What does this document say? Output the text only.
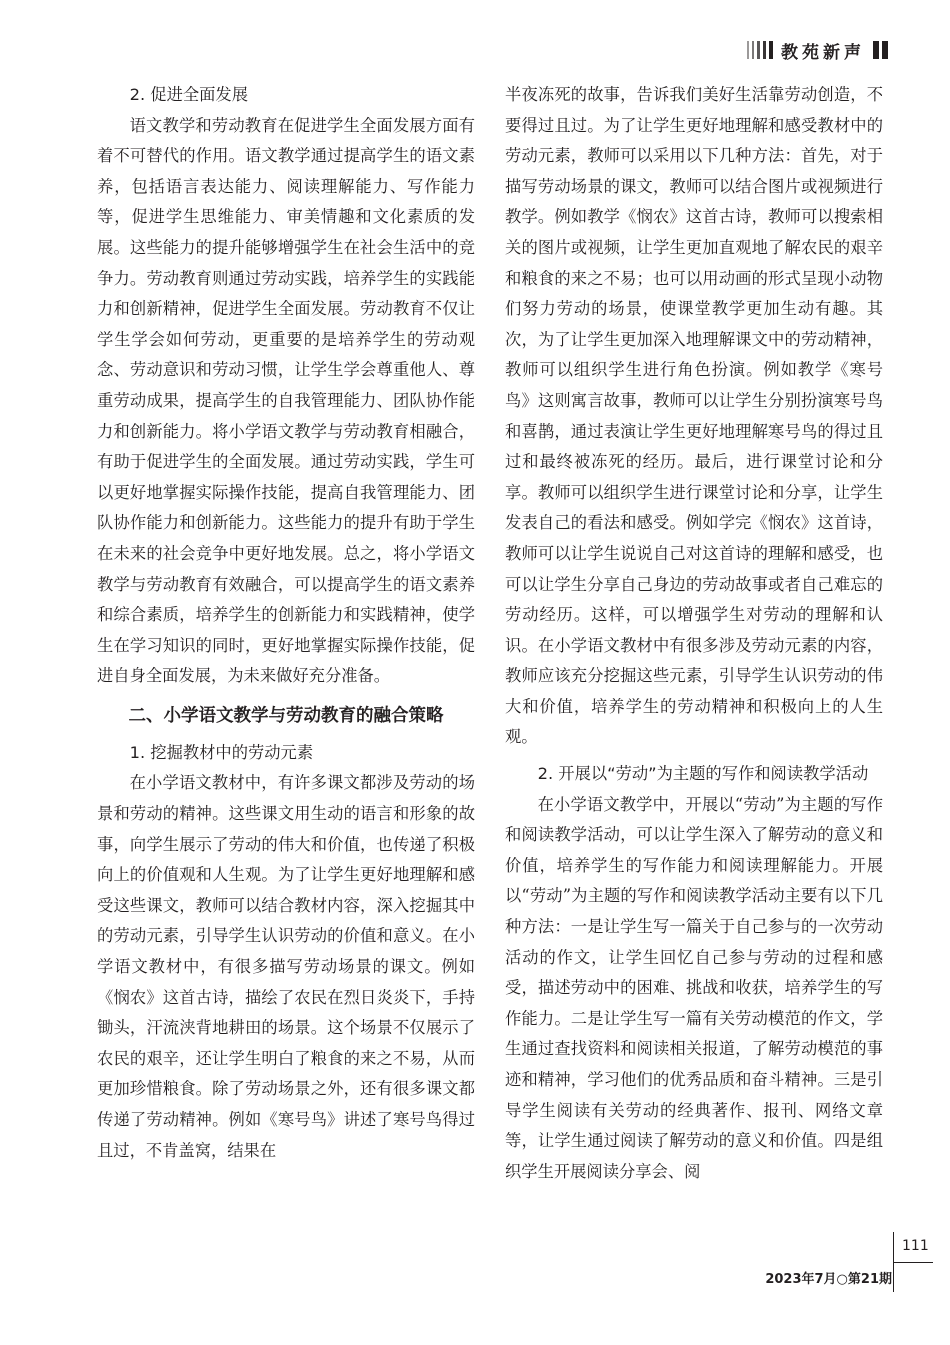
教苑新声
2. 促进全面发展

语文教学和劳动教育在促进学生全面发展方面有着不可替代的作用。语文教学通过提高学生的语文素养，包括语言表达能力、阅读理解能力、写作能力等，促进学生思维能力、审美情趣和文化素质的发展。这些能力的提升能够增强学生在社会生活中的竞争力。劳动教育则通过劳动实践，培养学生的实践能力和创新精神，促进学生全面发展。劳动教育不仅让学生学会如何劳动，更重要的是培养学生的劳动观念、劳动意识和劳动习惯，让学生学会尊重他人、尊重劳动成果，提高学生的自我管理能力、团队协作能力和创新能力。将小学语文教学与劳动教育相融合，有助于促进学生的全面发展。通过劳动实践，学生可以更好地掌握实际操作技能，提高自我管理能力、团队协作能力和创新能力。这些能力的提升有助于学生在未来的社会竞争中更好地发展。总之，将小学语文教学与劳动教育有效融合，可以提高学生的语文素养和综合素质，培养学生的创新能力和实践精神，使学生在学习知识的同时，更好地掌握实际操作技能，促进自身全面发展，为未来做好充分准备。

二、小学语文教学与劳动教育的融合策略
1. 挖掘教材中的劳动元素

在小学语文教材中，有许多课文都涉及劳动的场景和劳动的精神。这些课文用生动的语言和形象的故事，向学生展示了劳动的伟大和价值，也传递了积极向上的价值观和人生观。为了让学生更好地理解和感受这些课文，教师可以结合教材内容，深入挖掘其中的劳动元素，引导学生认识劳动的价值和意义。在小学语文教材中，有很多描写劳动场景的课文。例如《悯农》这首古诗，描绘了农民在烈日炎炎下，手持锄头，汗流浃背地耕田的场景。这个场景不仅展示了农民的艰辛，还让学生明白了粮食的来之不易，从而更加珍惜粮食。除了劳动场景之外，还有很多课文都传递了劳动精神。例如《寒号鸟》讲述了寒号鸟得过且过，不肯盖窝，结果在

半夜冻死的故事，告诉我们美好生活靠劳动创造，不要得过且过。为了让学生更好地理解和感受教材中的劳动元素，教师可以采用以下几种方法：首先，对于描写劳动场景的课文，教师可以结合图片或视频进行教学。例如教学《悯农》这首古诗，教师可以搜索相关的图片或视频，让学生更加直观地了解农民的艰辛和粮食的来之不易；也可以用动画的形式呈现小动物们努力劳动的场景，使课堂教学更加生动有趣。其次，为了让学生更加深入地理解课文中的劳动精神，教师可以组织学生进行角色扮演。例如教学《寒号鸟》这则寓言故事，教师可以让学生分别扮演寒号鸟和喜鹊，通过表演让学生更好地理解寒号鸟的得过且过和最终被冻死的经历。最后，进行课堂讨论和分享。教师可以组织学生进行课堂讨论和分享，让学生发表自己的看法和感受。例如学完《悯农》这首诗，教师可以让学生说说自己对这首诗的理解和感受，也可以让学生分享自己身边的劳动故事或者自己难忘的劳动经历。这样，可以增强学生对劳动的理解和认识。在小学语文教材中有很多涉及劳动元素的内容，教师应该充分挖掘这些元素，引导学生认识劳动的伟大和价值，培养学生的劳动精神和积极向上的人生观。

2. 开展以“劳动”为主题的写作和阅读教学活动

在小学语文教学中，开展以“劳动”为主题的写作和阅读教学活动，可以让学生深入了解劳动的意义和价值，培养学生的写作能力和阅读理解能力。开展以“劳动”为主题的写作和阅读教学活动主要有以下几种方法：一是让学生写一篇关于自己参与的一次劳动活动的作文，让学生回忆自己参与劳动的过程和感受，描述劳动中的困难、挑战和收获，培养学生的写作能力。二是让学生写一篇有关劳动模范的作文，学生通过查找资料和阅读相关报道，了解劳动模范的事迹和精神，学习他们的优秀品质和奋斗精神。三是引导学生阅读有关劳动的经典著作、报刊、网络文章等，让学生通过阅读了解劳动的意义和价值。四是组织学生开展阅读分享会、阅

111
2023年7月○第21期
